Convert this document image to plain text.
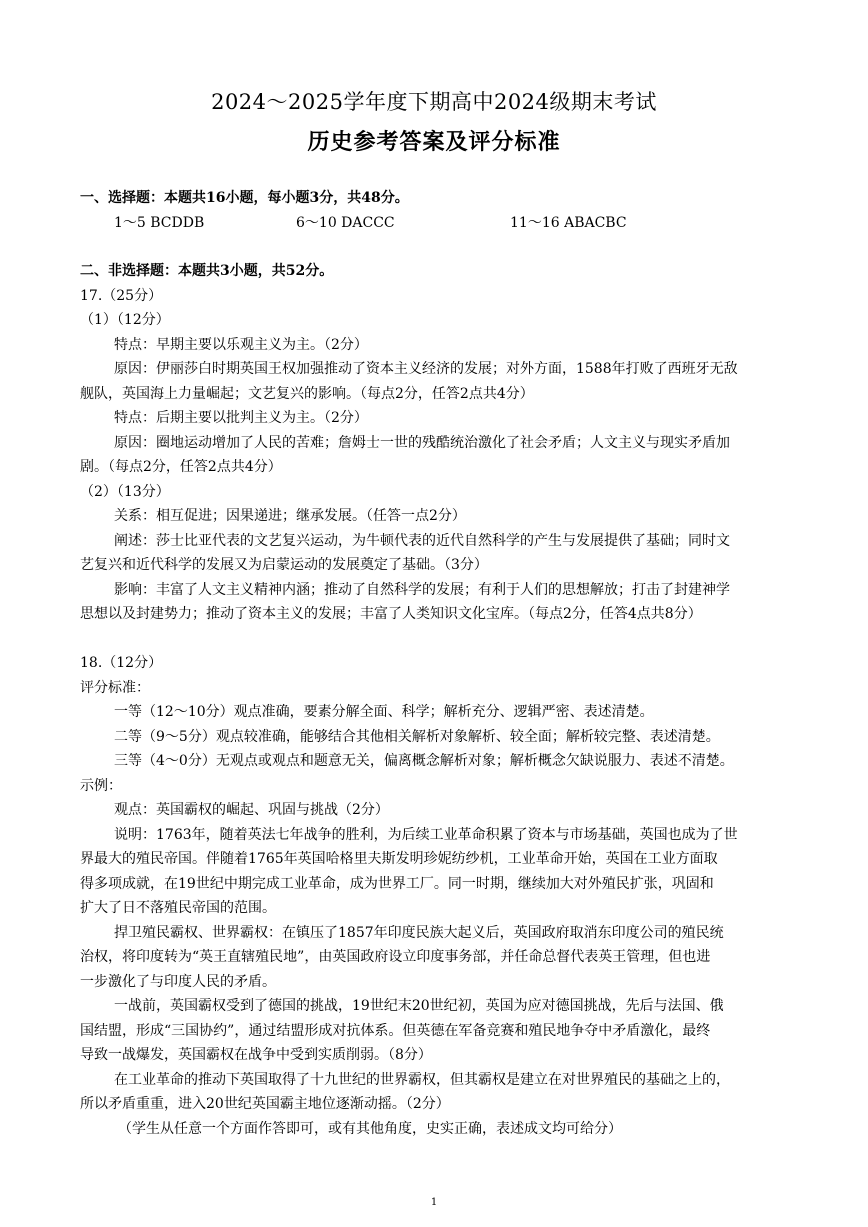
2024～2025学年度下期高中2024级期末考试
历史参考答案及评分标准
一、选择题：本题共16小题，每小题3分，共48分。
1～5 BCDDB	6～10 DACCC	11～16 ABACBC
二、非选择题：本题共3小题，共52分。
17.（25分）
（1）（12分）
特点：早期主要以乐观主义为主。（2分）
原因：伊丽莎白时期英国王权加强推动了资本主义经济的发展；对外方面，1588年打败了西班牙无敌
舰队，英国海上力量崛起；文艺复兴的影响。（每点2分，任答2点共4分）
特点：后期主要以批判主义为主。（2分）
原因：圈地运动增加了人民的苦难；詹姆士一世的残酷统治激化了社会矛盾；人文主义与现实矛盾加
剧。（每点2分，任答2点共4分）
（2）（13分）
关系：相互促进；因果递进；继承发展。（任答一点2分）
阐述：莎士比亚代表的文艺复兴运动，为牛顿代表的近代自然科学的产生与发展提供了基础；同时文
艺复兴和近代科学的发展又为启蒙运动的发展奠定了基础。（3分）
影响：丰富了人文主义精神内涵；推动了自然科学的发展；有利于人们的思想解放；打击了封建神学
思想以及封建势力；推动了资本主义的发展；丰富了人类知识文化宝库。（每点2分，任答4点共8分）
18.（12分）
评分标准：
一等（12～10分）观点准确，要素分解全面、科学；解析充分、逻辑严密、表述清楚。
二等（9～5分）观点较准确，能够结合其他相关解析对象解析、较全面；解析较完整、表述清楚。
三等（4～0分）无观点或观点和题意无关，偏离概念解析对象；解析概念欠缺说服力、表述不清楚。
示例：
观点：英国霸权的崛起、巩固与挑战（2分）
说明：1763年，随着英法七年战争的胜利，为后续工业革命积累了资本与市场基础，英国也成为了世
界最大的殖民帝国。伴随着1765年英国哈格里夫斯发明珍妮纺纱机，工业革命开始，英国在工业方面取
得多项成就，在19世纪中期完成工业革命，成为世界工厂。同一时期，继续加大对外殖民扩张，巩固和
扩大了日不落殖民帝国的范围。
捍卫殖民霸权、世界霸权：在镇压了1857年印度民族大起义后，英国政府取消东印度公司的殖民统
治权，将印度转为“英王直辖殖民地”，由英国政府设立印度事务部，并任命总督代表英王管理，但也进
一步激化了与印度人民的矛盾。
一战前，英国霸权受到了德国的挑战，19世纪末20世纪初，英国为应对德国挑战，先后与法国、俄
国结盟，形成“三国协约”，通过结盟形成对抗体系。但英德在军备竞赛和殖民地争夺中矛盾激化，最终
导致一战爆发，英国霸权在战争中受到实质削弱。（8分）
在工业革命的推动下英国取得了十九世纪的世界霸权，但其霸权是建立在对世界殖民的基础之上的，
所以矛盾重重，进入20世纪英国霸主地位逐渐动摇。（2分）
（学生从任意一个方面作答即可，或有其他角度，史实正确，表述成文均可给分）
1
